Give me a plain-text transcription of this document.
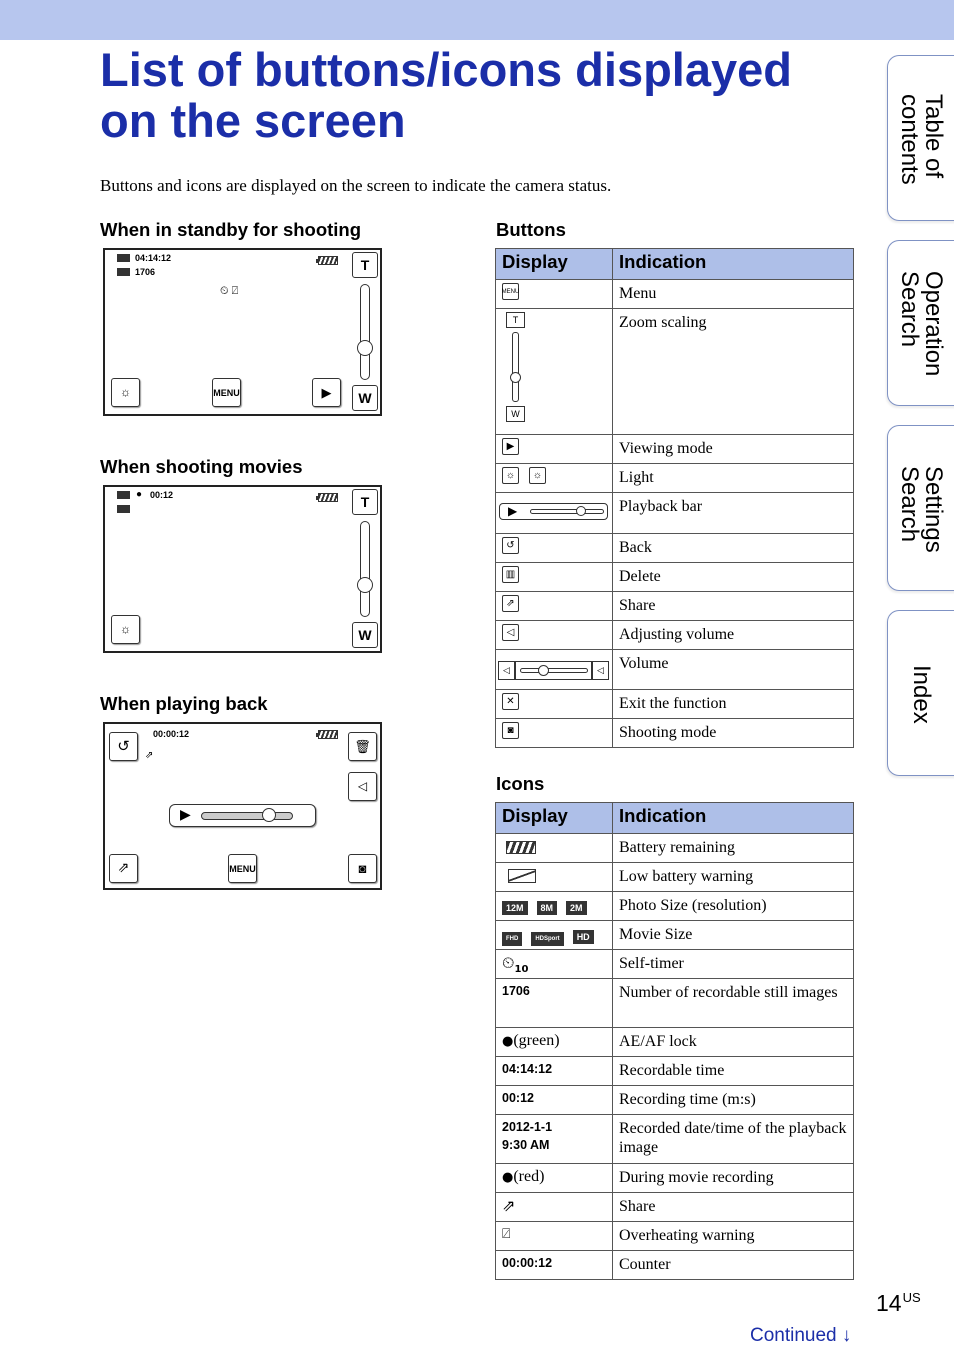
List of buttons/icons displayed on the screen

Buttons and icons are displayed on the screen to indicate the camera status.

Table of
contents
Operation
Search
Settings
Search
Index
When in standby for shooting
04:14:12
1706
⏲ ⍁
☼	MENU	▶
T
W
When shooting movies
● 00:12
☼
T
W
When playing back
↺
00:00:12
⇗
🗑
◁
▶
⇗	MENU	◙
Buttons
Display	Indication
MENU	Menu

T
W	Zoom scaling
▶	Viewing mode
☼ ☼	Light

▶	Playback bar
↺	Back
▥	Delete
⇗	Share
◁	Adjusting volume

◁ ◁	Volume
✕	Exit the function
◙	Shooting mode
Icons
Display	Indication
	Battery remaining
	Low battery warning
12M 8M 2M	Photo Size (resolution)
FHD HDSport HD	Movie Size
$⏲_{10}$	Self-timer
1706	Number of recordable still images
●(green)	AE/AF lock
04:14:12	Recordable time
00:12	Recording time (m:s)
2012-1-1
9:30 AM	Recorded date/time of the playback image
●(red)	During movie recording
⇗	Share
⍁	Overheating warning
00:00:12	Counter
$14^{US}$
Continued ↓
